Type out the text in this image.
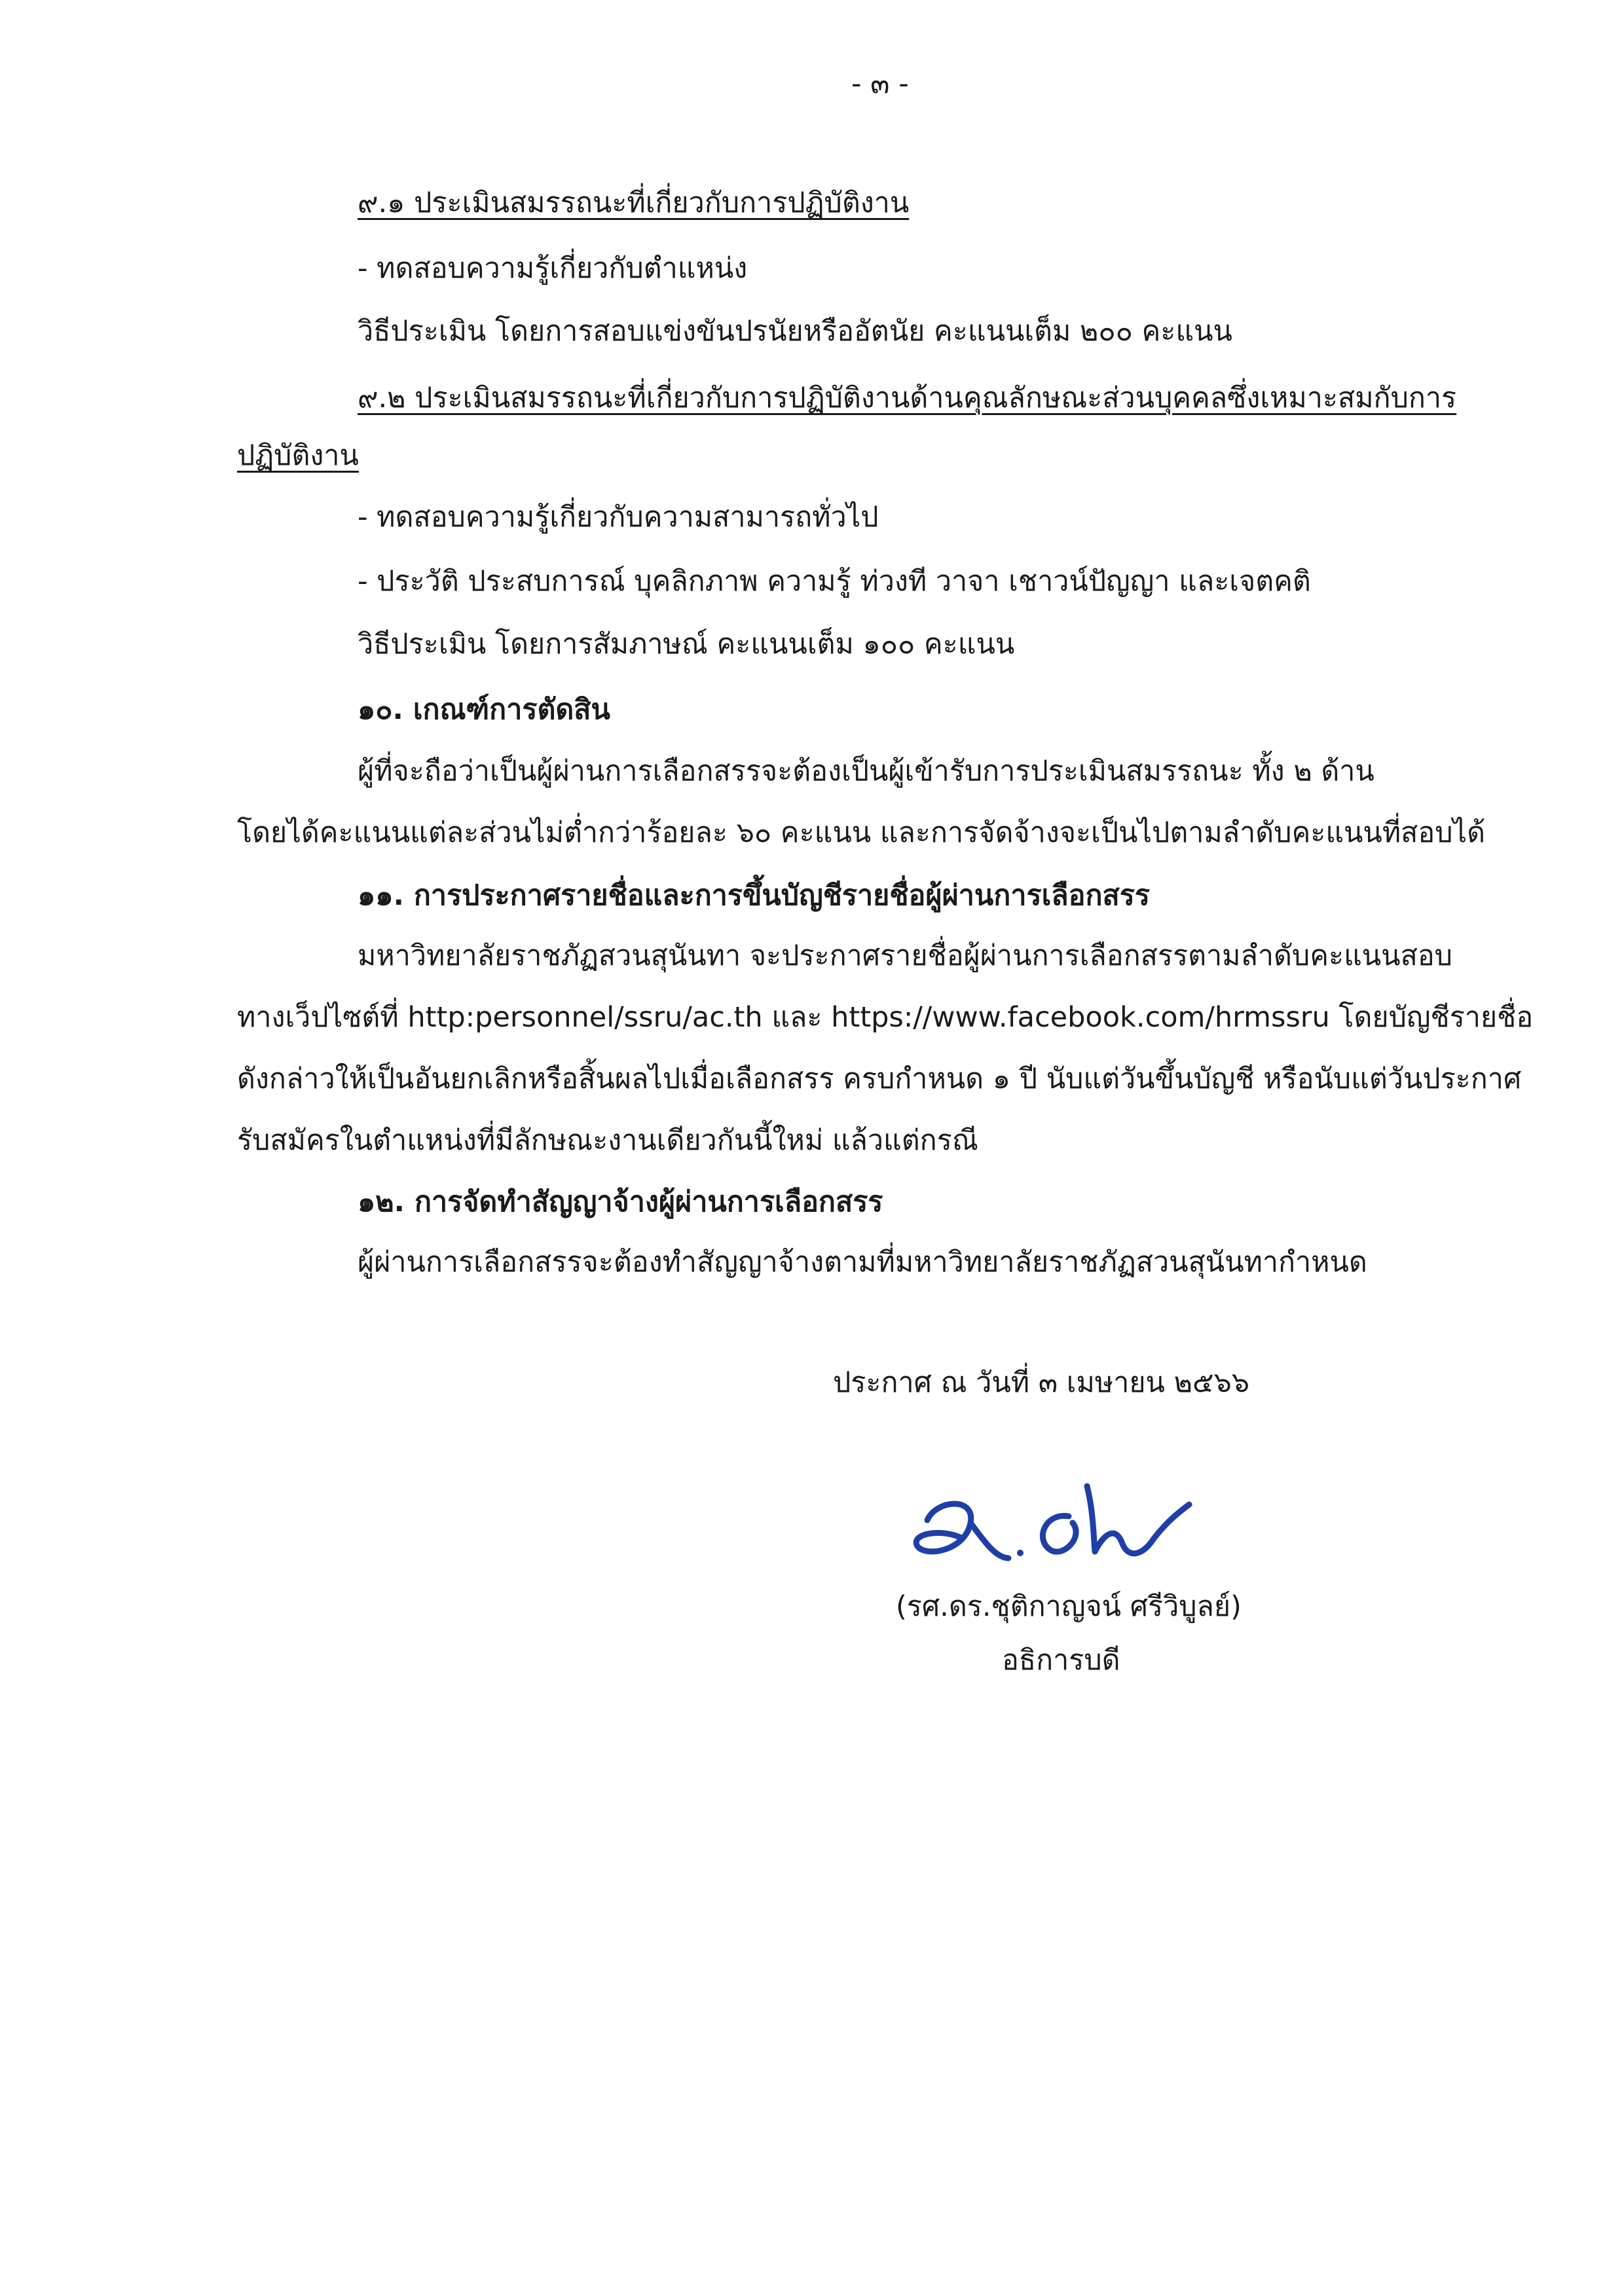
- ๓ -
๙.๑ ประเมินสมรรถนะที่เกี่ยวกับการปฏิบัติงาน
- ทดสอบความรู้เกี่ยวกับตำแหน่ง
วิธีประเมิน โดยการสอบแข่งขันปรนัยหรืออัตนัย คะแนนเต็ม ๒๐๐ คะแนน
๙.๒ ประเมินสมรรถนะที่เกี่ยวกับการปฏิบัติงานด้านคุณลักษณะส่วนบุคคลซึ่งเหมาะสมกับการ
ปฏิบัติงาน
- ทดสอบความรู้เกี่ยวกับความสามารถทั่วไป
- ประวัติ ประสบการณ์ บุคลิกภาพ ความรู้ ท่วงที วาจา เชาวน์ปัญญา และเจตคติ
วิธีประเมิน โดยการสัมภาษณ์ คะแนนเต็ม ๑๐๐ คะแนน
๑๐. เกณฑ์การตัดสิน
ผู้ที่จะถือว่าเป็นผู้ผ่านการเลือกสรรจะต้องเป็นผู้เข้ารับการประเมินสมรรถนะ ทั้ง ๒ ด้าน
โดยได้คะแนนแต่ละส่วนไม่ต่ำกว่าร้อยละ ๖๐ คะแนน และการจัดจ้างจะเป็นไปตามลำดับคะแนนที่สอบได้
๑๑. การประกาศรายชื่อและการขึ้นบัญชีรายชื่อผู้ผ่านการเลือกสรร
มหาวิทยาลัยราชภัฏสวนสุนันทา จะประกาศรายชื่อผู้ผ่านการเลือกสรรตามลำดับคะแนนสอบ
ทางเว็ปไซต์ที่ http:personnel/ssru/ac.th และ https://www.facebook.com/hrmssru โดยบัญชีรายชื่อ
ดังกล่าวให้เป็นอันยกเลิกหรือสิ้นผลไปเมื่อเลือกสรร ครบกำหนด ๑ ปี นับแต่วันขึ้นบัญชี หรือนับแต่วันประกาศ
รับสมัครในตำแหน่งที่มีลักษณะงานเดียวกันนี้ใหม่ แล้วแต่กรณี
๑๒. การจัดทำสัญญาจ้างผู้ผ่านการเลือกสรร
ผู้ผ่านการเลือกสรรจะต้องทำสัญญาจ้างตามที่มหาวิทยาลัยราชภัฏสวนสุนันทากำหนด
ประกาศ ณ วันที่ ๓ เมษายน ๒๕๖๖
(รศ.ดร.ชุติกาญจน์ ศรีวิบูลย์)
อธิการบดี
